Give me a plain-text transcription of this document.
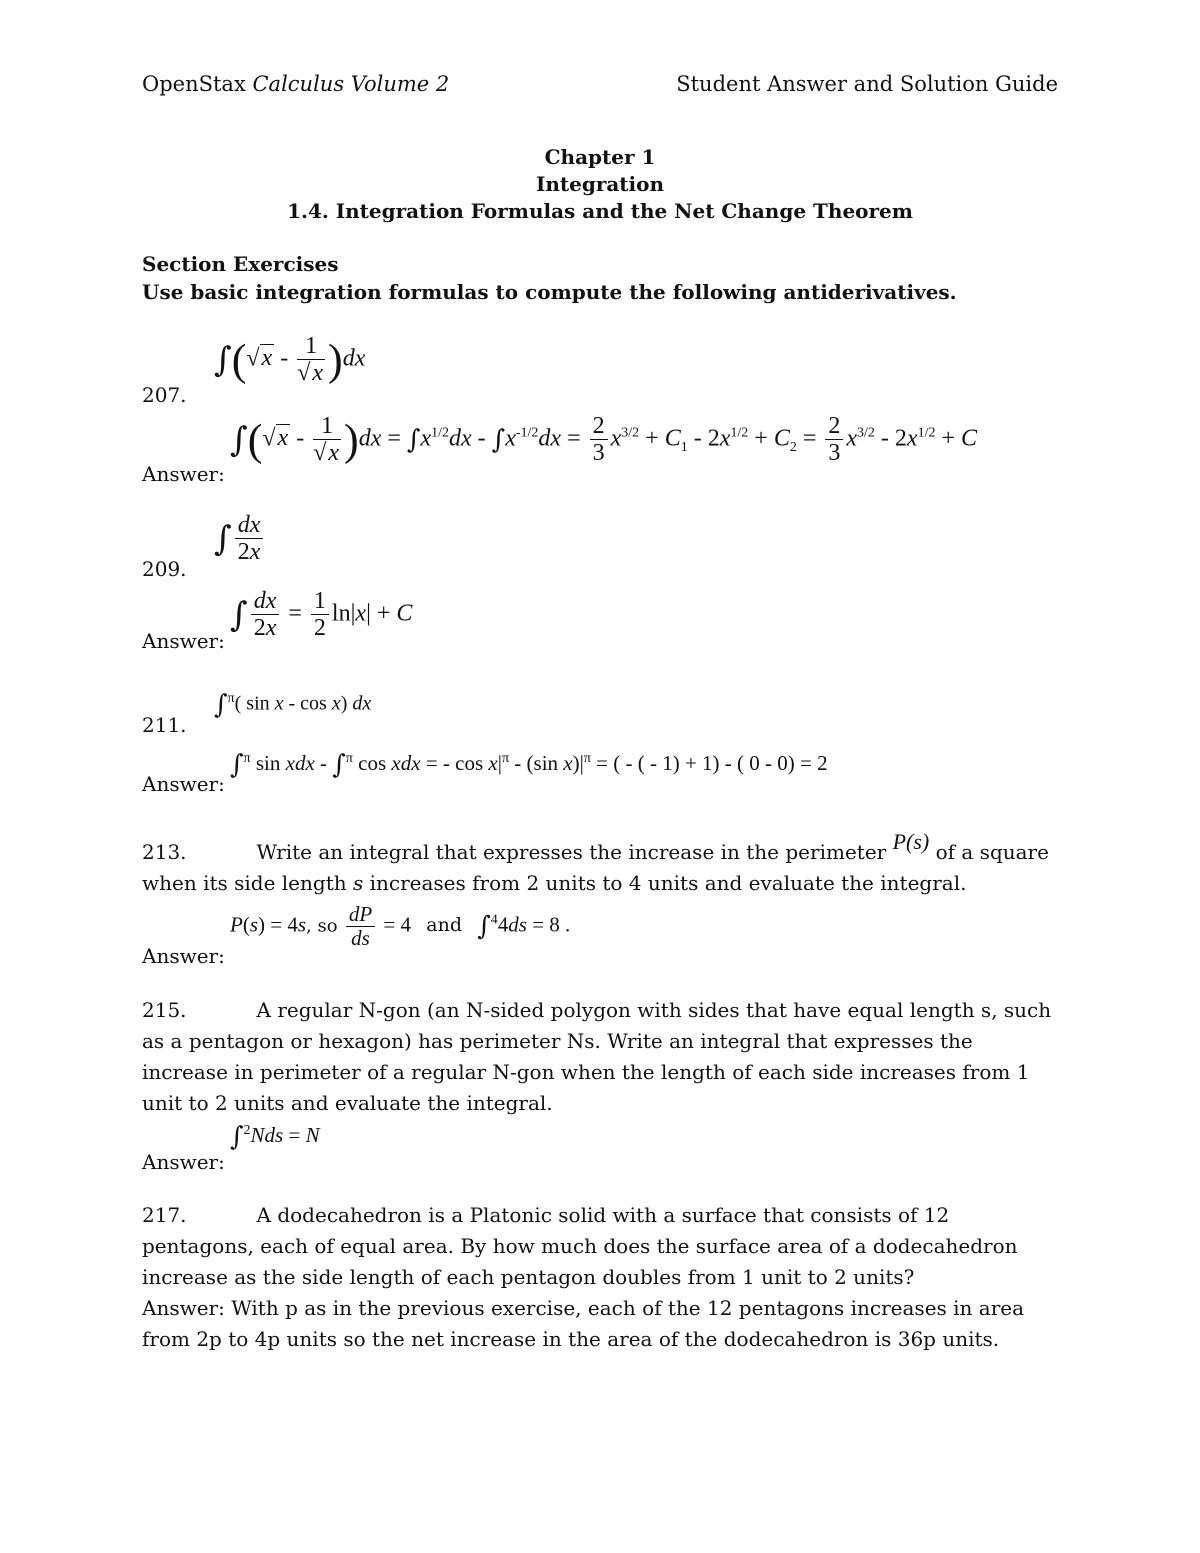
OpenStax Calculus Volume 2	Student Answer and Solution Guide
Chapter 1
Integration
1.4. Integration Formulas and the Net Change Theorem
Section Exercises
Use basic integration formulas to compute the following antiderivatives.
207.
$\int(√x - \frac{1}{√x} )dx$
Answer:
$\int(√x - \frac{1}{√x} )dx = \int x^{1/2}dx - \int x^{-1/2}dx = \frac{2}{3} x^{3/2} + C_1 - 2x^{1/2} + C_2 = \frac{2}{3} x^{3/2} - 2x^{1/2} + C$
209.
∫ $\frac{dx}{2x}$
Answer:
∫ $\frac{dx}{2x} = \frac{1}{2} \ln|x| + C$
211.
∫$^\pi$( sin x - cos x) dx
Answer:
∫$^\pi$ sin xdx - ∫$^\pi$ cos xdx = - $\cos x|^\pi - (\sin$ $x)|^\pi$ = ( - ( - 1) + 1) - ( 0 - 0) = 2
213.	Write an integral that expresses the increase in the perimeter P(s) of a square when its side length s increases from 2 units to 4 units and evaluate the integral.
Answer:
P(s) = 4s, so $\frac{dP}{ds} = 4$ and ∫$^4$4ds = 8 .
215.	A regular N-gon (an N-sided polygon with sides that have equal length s, such as a pentagon or hexagon) has perimeter Ns. Write an integral that expresses the increase in perimeter of a regular N-gon when the length of each side increases from 1 unit to 2 units and evaluate the integral.
Answer:
∫$^2$Nds = N
217.	A dodecahedron is a Platonic solid with a surface that consists of 12 pentagons, each of equal area. By how much does the surface area of a dodecahedron increase as the side length of each pentagon doubles from 1 unit to 2 units?
Answer: With p as in the previous exercise, each of the 12 pentagons increases in area from 2p to 4p units so the net increase in the area of the dodecahedron is 36p units.
